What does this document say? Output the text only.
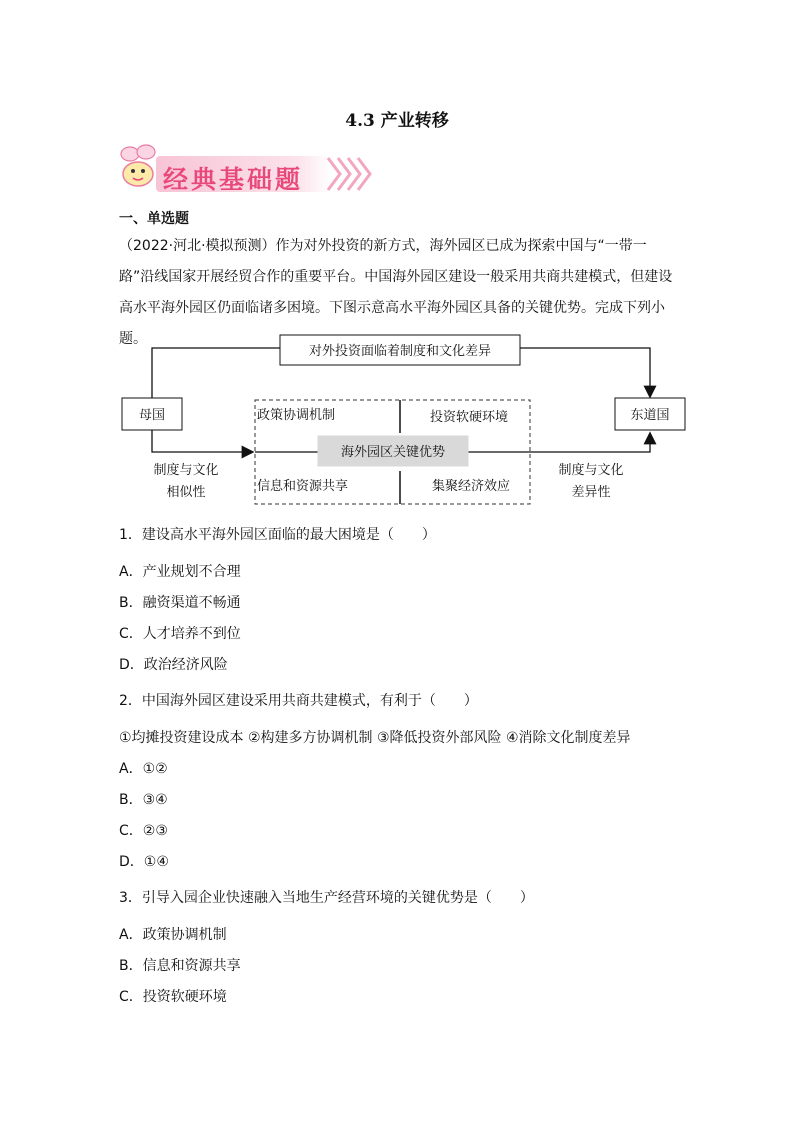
4.3 产业转移
经典基础题
一、单选题
（2022·河北·模拟预测）作为对外投资的新方式，海外园区已成为探索中国与“一带一路”沿线国家开展经贸合作的重要平台。中国海外园区建设一般采用共商共建模式，但建设高水平海外园区仍面临诸多困境。下图示意高水平海外园区具备的关键优势。完成下列小题。
对外投资面临着制度和文化差异
母国	东道国
海外园区关键优势
政策协调机制	投资软硬环境
信息和资源共享	集聚经济效应
制度与文化
相似性
制度与文化
差异性
1．建设高水平海外园区面临的最大困境是（　　）
A．产业规划不合理
B．融资渠道不畅通
C．人才培养不到位
D．政治经济风险
2．中国海外园区建设采用共商共建模式，有利于（　　）
①均摊投资建设成本 ②构建多方协调机制 ③降低投资外部风险 ④消除文化制度差异
A．①②
B．③④
C．②③
D．①④
3．引导入园企业快速融入当地生产经营环境的关键优势是（　　）
A．政策协调机制
B．信息和资源共享
C．投资软硬环境
